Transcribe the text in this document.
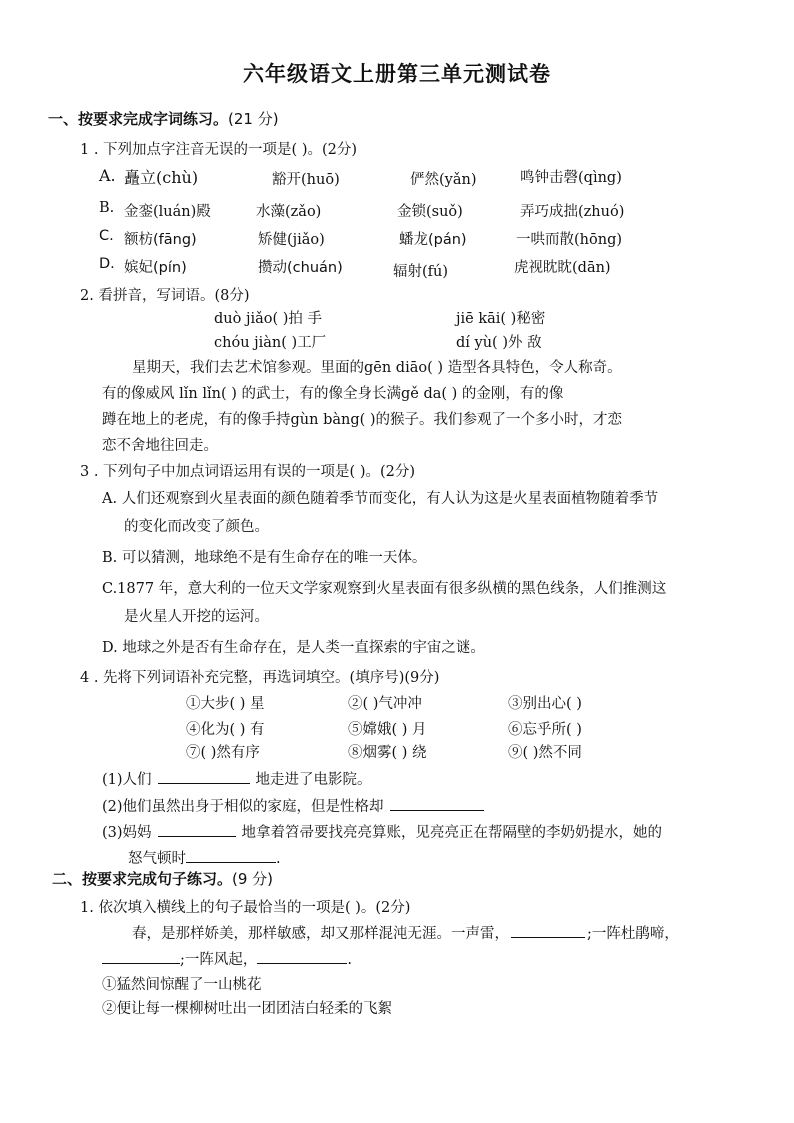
六年级语文上册第三单元测试卷
一、按要求完成字词练习。(21 分)
1 . 下列加点字注音无误的一项是( )。(2分)
A. 矗立(chù)	豁开(huō)	俨然(yǎn)	鸣钟击磬(qìng)
B. 金銮(luán)殿	水藻(zǎo)	金锁(suǒ)	弄巧成拙(zhuó)
C. 额枋(fāng)	矫健(jiǎo)	蟠龙(pán)	一哄而散(hōng)
D. 嫔妃(pín)	攒动(chuán)	辐射(fú)	虎视眈眈(dān)
2. 看拼音，写词语。(8分)
duò jiǎo( )拍 手	jiē kāi( )秘密
chóu jiàn( )工厂	dí yù( )外 敌
星期天，我们去艺术馆参观。里面的gēn diāo( ) 造型各具特色，令人称奇。
有的像威风 lǐn lǐn( ) 的武士，有的像全身长满gě da( ) 的金刚，有的像
蹲在地上的老虎，有的像手持gùn bàng( )的猴子。我们参观了一个多小时，才恋
恋不舍地往回走。
3 . 下列句子中加点词语运用有误的一项是( )。(2分)
A. 人们还观察到火星表面的颜色随着季节而变化，有人认为这是火星表面植物随着季节
的变化而改变了颜色。
B. 可以猜测，地球绝不是有生命存在的唯一天体。
C.1877 年，意大利的一位天文学家观察到火星表面有很多纵横的黑色线条，人们推测这
是火星人开挖的运河。
D. 地球之外是否有生命存在，是人类一直探索的宇宙之谜。
4 . 先将下列词语补充完整，再选词填空。(填序号)(9分)
①大步( ) 星	②( )气冲冲	③别出心( )
④化为( ) 有	⑤嫦娥( ) 月	⑥忘乎所( )
⑦( )然有序	⑧烟雾( ) 绕	⑨( )然不同
(1)人们	地走进了电影院。
(2)他们虽然出身于相似的家庭，但是性格却
(3)妈妈	地拿着笤帚要找亮亮算账，见亮亮正在帮隔壁的李奶奶提水，她的
怒气顿时	.
二、按要求完成句子练习。(9 分)
1. 依次填入横线上的句子最恰当的一项是( )。(2分)
春，是那样娇美，那样敏感，却又那样混沌无涯。一声雷，	;一阵杜鹃啼，
;一阵风起，	.
①猛然间惊醒了一山桃花
②便让每一棵柳树吐出一团团洁白轻柔的飞絮
